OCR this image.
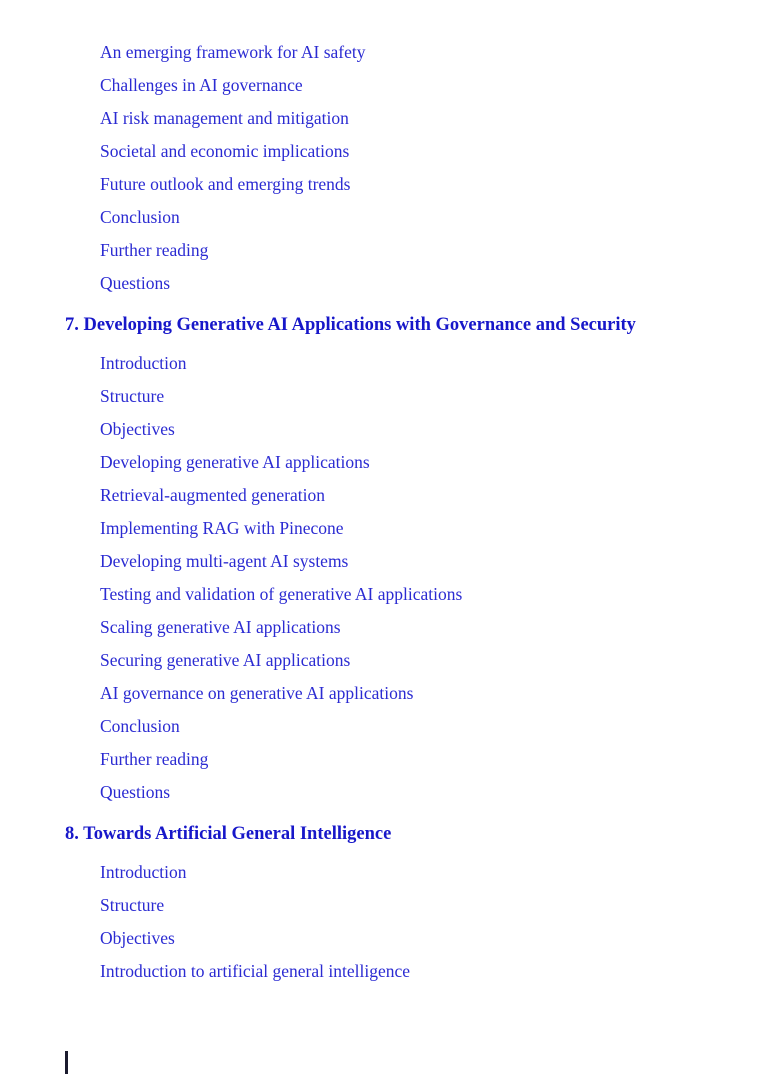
An emerging framework for AI safety
Challenges in AI governance
AI risk management and mitigation
Societal and economic implications
Future outlook and emerging trends
Conclusion
Further reading
Questions
7. Developing Generative AI Applications with Governance and Security
Introduction
Structure
Objectives
Developing generative AI applications
Retrieval-augmented generation
Implementing RAG with Pinecone
Developing multi-agent AI systems
Testing and validation of generative AI applications
Scaling generative AI applications
Securing generative AI applications
AI governance on generative AI applications
Conclusion
Further reading
Questions
8. Towards Artificial General Intelligence
Introduction
Structure
Objectives
Introduction to artificial general intelligence
